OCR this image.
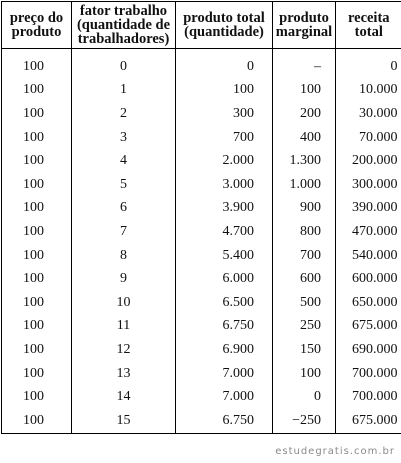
preço do produto	fator trabalho (quantidade de trabalhadores)	produto total (quantidade)	produto marginal	receita total
100	0	0	–	0
100	1	100	100	10.000
100	2	300	200	30.000
100	3	700	400	70.000
100	4	2.000	1.300	200.000
100	5	3.000	1.000	300.000
100	6	3.900	900	390.000
100	7	4.700	800	470.000
100	8	5.400	700	540.000
100	9	6.000	600	600.000
100	10	6.500	500	650.000
100	11	6.750	250	675.000
100	12	6.900	150	690.000
100	13	7.000	100	700.000
100	14	7.000	0	700.000
100	15	6.750	−250	675.000
estudegratis.com.br
